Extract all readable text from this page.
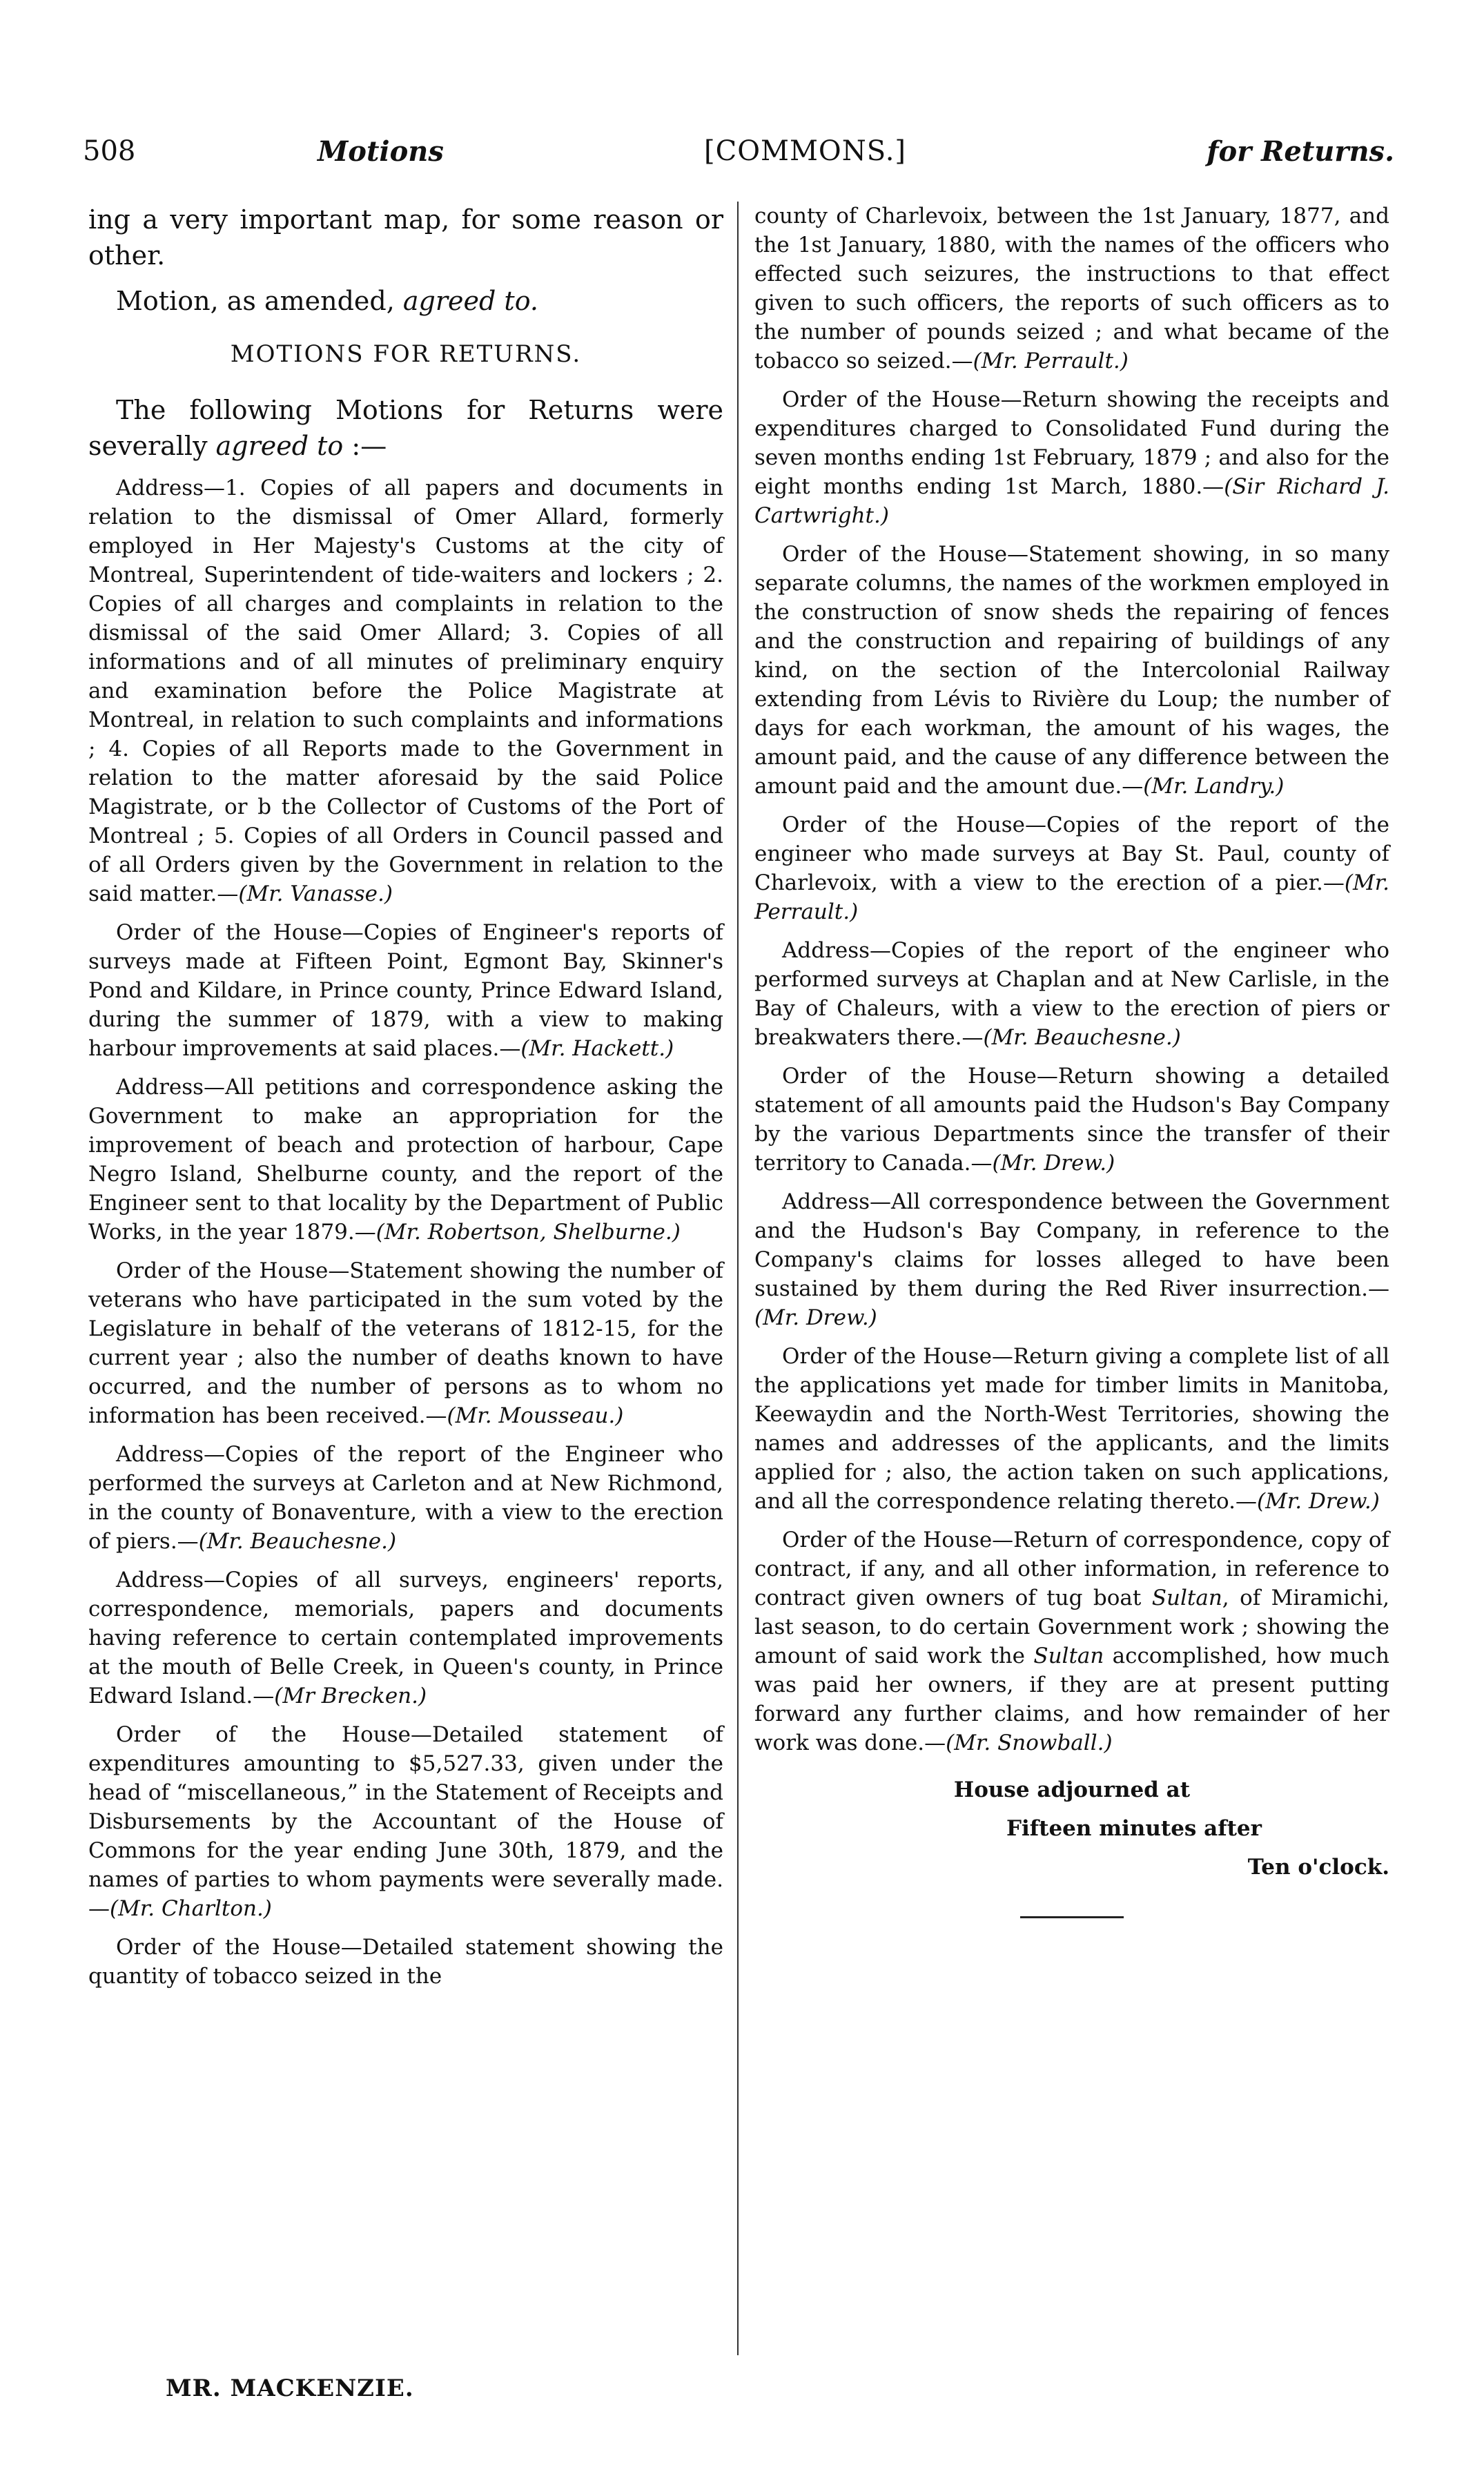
508	Motions	[COMMONS.]	for Returns.

ing a very important map, for some reason or other.

Motion, as amended, agreed to.

MOTIONS FOR RETURNS.

The following Motions for Returns were severally agreed to :—

Address—1. Copies of all papers and documents in relation to the dismissal of Omer Allard, formerly employed in Her Majesty's Customs at the city of Montreal, Superintendent of tide-waiters and lockers ; 2. Copies of all charges and complaints in relation to the dismissal of the said Omer Allard; 3. Copies of all informations and of all minutes of preliminary enquiry and examination before the Police Magistrate at Montreal, in relation to such complaints and informations ; 4. Copies of all Reports made to the Government in relation to the matter aforesaid by the said Police Magistrate, or b the Collector of Customs of the Port of Montreal ; 5. Copies of all Orders in Council passed and of all Orders given by the Government in relation to the said matter.—(Mr. Vanasse.)

Order of the House—Copies of Engineer's reports of surveys made at Fifteen Point, Egmont Bay, Skinner's Pond and Kildare, in Prince county, Prince Edward Island, during the summer of 1879, with a view to making harbour improvements at said places.—(Mr. Hackett.)

Address—All petitions and correspondence asking the Government to make an appropriation for the improvement of beach and protection of harbour, Cape Negro Island, Shelburne county, and the report of the Engineer sent to that locality by the Department of Public Works, in the year 1879.—(Mr. Robertson, Shelburne.)

Order of the House—Statement showing the number of veterans who have participated in the sum voted by the Legislature in behalf of the veterans of 1812-15, for the current year ; also the number of deaths known to have occurred, and the number of persons as to whom no information has been received.—(Mr. Mousseau.)

Address—Copies of the report of the Engineer who performed the surveys at Carleton and at New Richmond, in the county of Bonaventure, with a view to the erection of piers.—(Mr. Beauchesne.)

Address—Copies of all surveys, engineers' reports, correspondence, memorials, papers and documents having reference to certain contemplated improvements at the mouth of Belle Creek, in Queen's county, in Prince Edward Island.—(Mr Brecken.)

Order of the House—Detailed statement of expenditures amounting to $5,527.33, given under the head of “miscellaneous,” in the Statement of Receipts and Disbursements by the Accountant of the House of Commons for the year ending June 30th, 1879, and the names of parties to whom payments were severally made.—(Mr. Charlton.)

Order of the House—Detailed statement showing the quantity of tobacco seized in the

county of Charlevoix, between the 1st January, 1877, and the 1st January, 1880, with the names of the officers who effected such seizures, the instructions to that effect given to such officers, the reports of such officers as to the number of pounds seized ; and what became of the tobacco so seized.—(Mr. Perrault.)

Order of the House—Return showing the receipts and expenditures charged to Consolidated Fund during the seven months ending 1st February, 1879 ; and also for the eight months ending 1st March, 1880.—(Sir Richard J. Cartwright.)

Order of the House—Statement showing, in so many separate columns, the names of the workmen employed in the construction of snow sheds the repairing of fences and the construction and repairing of buildings of any kind, on the section of the Intercolonial Railway extending from Lévis to Rivière du Loup; the number of days for each workman, the amount of his wages, the amount paid, and the cause of any difference between the amount paid and the amount due.—(Mr. Landry.)

Order of the House—Copies of the report of the engineer who made surveys at Bay St. Paul, county of Charlevoix, with a view to the erection of a pier.—(Mr. Perrault.)

Address—Copies of the report of the engineer who performed surveys at Chaplan and at New Carlisle, in the Bay of Chaleurs, with a view to the erection of piers or breakwaters there.—(Mr. Beauchesne.)

Order of the House—Return showing a detailed statement of all amounts paid the Hudson's Bay Company by the various Departments since the transfer of their territory to Canada.—(Mr. Drew.)

Address—All correspondence between the Government and the Hudson's Bay Company, in reference to the Company's claims for losses alleged to have been sustained by them during the Red River insurrection.—(Mr. Drew.)

Order of the House—Return giving a complete list of all the applications yet made for timber limits in Manitoba, Keewaydin and the North-West Territories, showing the names and addresses of the applicants, and the limits applied for ; also, the action taken on such applications, and all the correspondence relating thereto.—(Mr. Drew.)

Order of the House—Return of correspondence, copy of contract, if any, and all other information, in reference to contract given owners of tug boat Sultan, of Miramichi, last season, to do certain Government work ; showing the amount of said work the Sultan accomplished, how much was paid her owners, if they are at present putting forward any further claims, and how remainder of her work was done.—(Mr. Snowball.)

House adjourned at

Fifteen minutes after

Ten o'clock.

MR. MACKENZIE.
